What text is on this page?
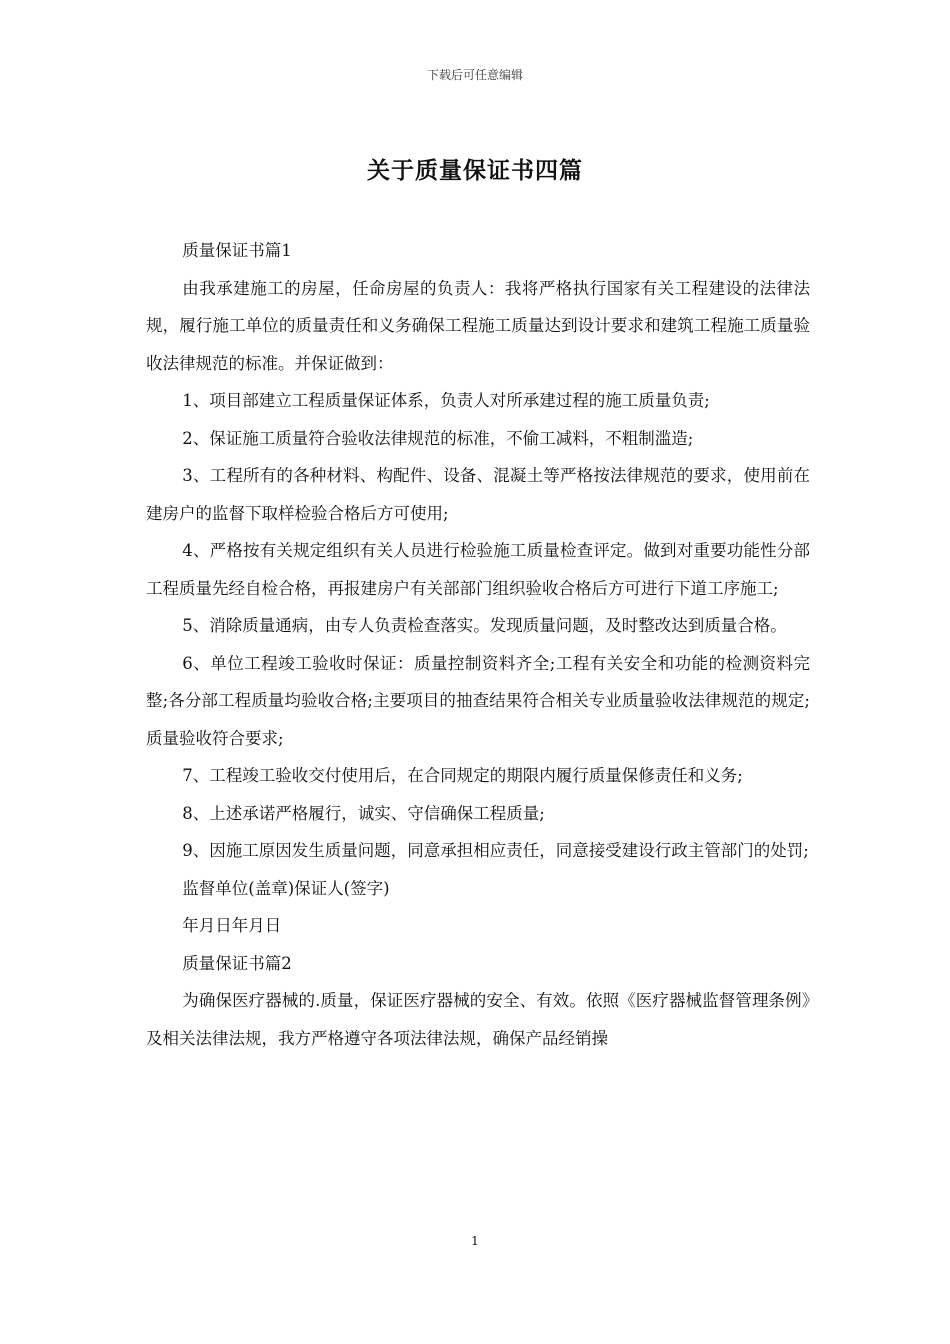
下载后可任意编辑
关于质量保证书四篇

质量保证书篇1

由我承建施工的房屋，任命房屋的负责人：我将严格执行国家有关工程建设的法律法规，履行施工单位的质量责任和义务确保工程施工质量达到设计要求和建筑工程施工质量验收法律规范的标准。并保证做到：

1、项目部建立工程质量保证体系，负责人对所承建过程的施工质量负责;

2、保证施工质量符合验收法律规范的标准，不偷工减料，不粗制滥造;

3、工程所有的各种材料、构配件、设备、混凝土等严格按法律规范的要求，使用前在建房户的监督下取样检验合格后方可使用;

4、严格按有关规定组织有关人员进行检验施工质量检查评定。做到对重要功能性分部工程质量先经自检合格，再报建房户有关部部门组织验收合格后方可进行下道工序施工;

5、消除质量通病，由专人负责检查落实。发现质量问题，及时整改达到质量合格。

6、单位工程竣工验收时保证：质量控制资料齐全;工程有关安全和功能的检测资料完整;各分部工程质量均验收合格;主要项目的抽查结果符合相关专业质量验收法律规范的规定;质量验收符合要求;

7、工程竣工验收交付使用后，在合同规定的期限内履行质量保修责任和义务;

8、上述承诺严格履行，诚实、守信确保工程质量;

9、因施工原因发生质量问题，同意承担相应责任，同意接受建设行政主管部门的处罚;

监督单位(盖章)保证人(签字)

年月日年月日

质量保证书篇2

为确保医疗器械的.质量，保证医疗器械的安全、有效。依照《医疗器械监督管理条例》及相关法律法规，我方严格遵守各项法律法规，确保产品经销操

1
